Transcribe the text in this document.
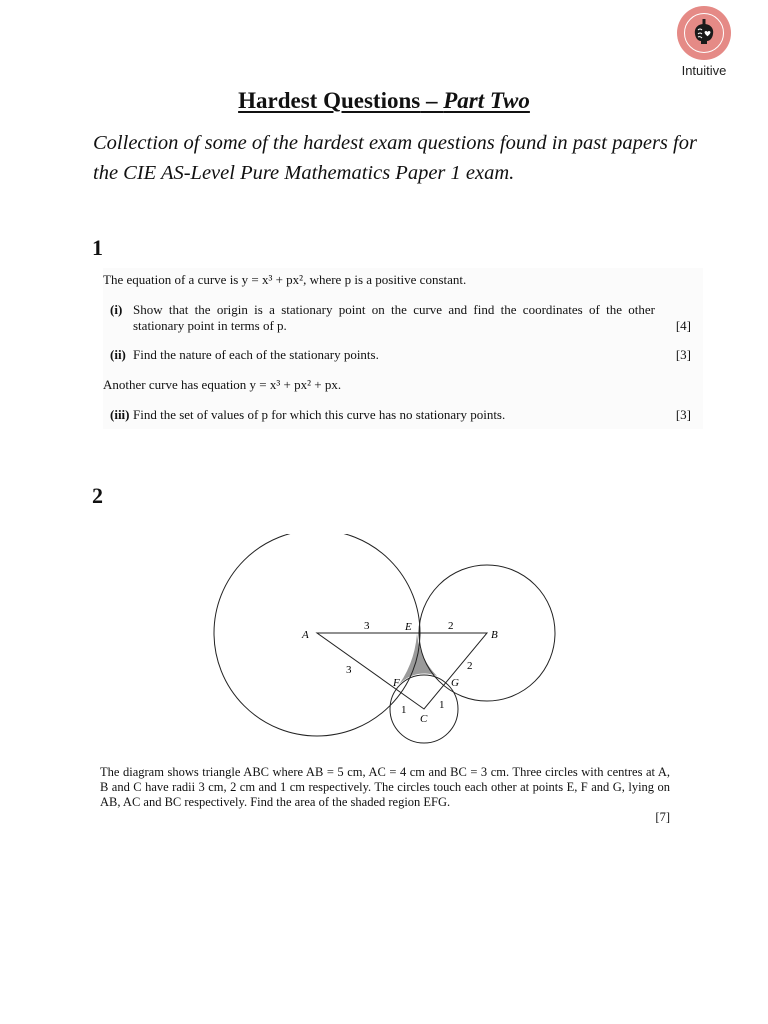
Intuitive
Hardest Questions – Part Two
Collection of some of the hardest exam questions found in past papers for the CIE AS-Level Pure Mathematics Paper 1 exam.
1

The equation of a curve is y = x³ + px², where p is a positive constant.

(i) Show that the origin is a stationary point on the curve and find the coordinates of the other stationary point in terms of p.	[4]
(ii) Find the nature of each of the stationary points.	[3]

Another curve has equation y = x³ + px² + px.

(iii) Find the set of values of p for which this curve has no stationary points.	[3]
2
A	B
C
E
F	G
3	2
3	2
1	1
The diagram shows triangle ABC where AB = 5 cm, AC = 4 cm and BC = 3 cm. Three circles with centres at A, B and C have radii 3 cm, 2 cm and 1 cm respectively. The circles touch each other at points E, F and G, lying on AB, AC and BC respectively. Find the area of the shaded region EFG.
[7]
